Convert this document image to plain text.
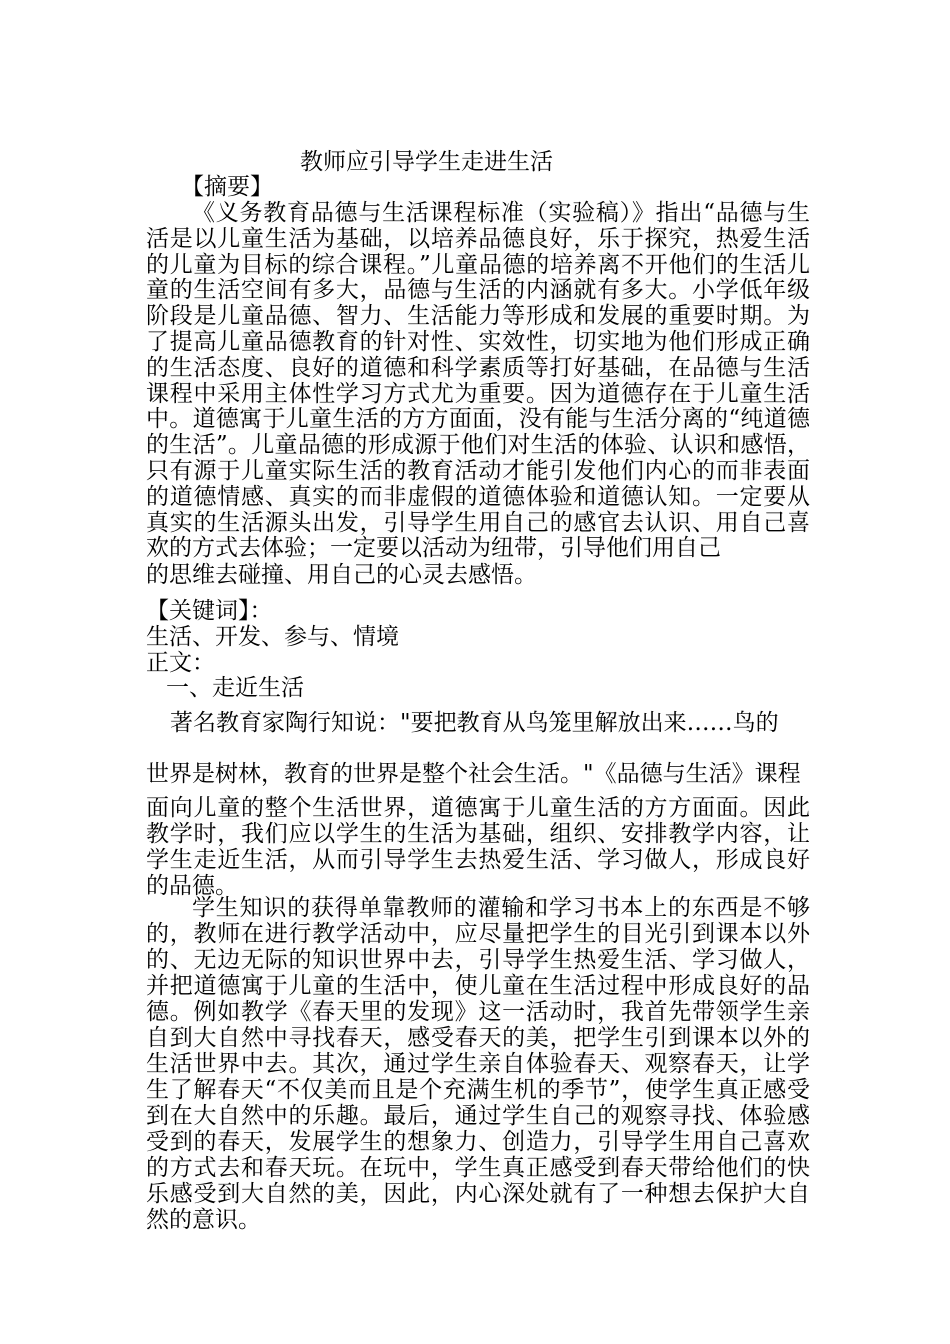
教师应引导学生走进生活
【摘要】

《义务教育品德与生活课程标准（实验稿）》指出“品德与生活是以儿童生活为基础，以培养品德良好，乐于探究，热爱生活的儿童为目标的综合课程。”儿童品德的培养离不开他们的生活儿童的生活空间有多大，品德与生活的内涵就有多大。小学低年级阶段是儿童品德、智力、生活能力等形成和发展的重要时期。为了提高儿童品德教育的针对性、实效性，切实地为他们形成正确的生活态度、良好的道德和科学素质等打好基础，在品德与生活课程中采用主体性学习方式尤为重要。因为道德存在于儿童生活中。道德寓于儿童生活的方方面面，没有能与生活分离的“纯道德的生活”。儿童品德的形成源于他们对生活的体验、认识和感悟，只有源于儿童实际生活的教育活动才能引发他们内心的而非表面的道德情感、真实的而非虚假的道德体验和道德认知。一定要从真实的生活源头出发，引导学生用自己的感官去认识、用自己喜欢的方式去体验；一定要以活动为纽带，引导他们用自己

的思维去碰撞、用自己的心灵去感悟。

【关键词】：
生活、开发、参与、情境
正文：
一、走近生活
著名教育家陶行知说："要把教育从鸟笼里解放出来……鸟的

世界是树林，教育的世界是整个社会生活。"《品德与生活》课程
面向儿童的整个生活世界，道德寓于儿童生活的方方面面。因此教学时，我们应以学生的生活为基础，组织、安排教学内容，让学生走近生活，从而引导学生去热爱生活、学习做人，形成良好的品德。

学生知识的获得单靠教师的灌输和学习书本上的东西是不够的，教师在进行教学活动中，应尽量把学生的目光引到课本以外的、无边无际的知识世界中去，引导学生热爱生活、学习做人，并把道德寓于儿童的生活中，使儿童在生活过程中形成良好的品德。例如教学《春天里的发现》这一活动时，我首先带领学生亲自到大自然中寻找春天，感受春天的美，把学生引到课本以外的生活世界中去。其次，通过学生亲自体验春天、观察春天，让学生了解春天“不仅美而且是个充满生机的季节”，使学生真正感受到在大自然中的乐趣。最后，通过学生自己的观察寻找、体验感受到的春天，发展学生的想象力、创造力，引导学生用自己喜欢的方式去和春天玩。在玩中，学生真正感受到春天带给他们的快乐感受到大自然的美，因此，内心深处就有了一种想去保护大自然的意识。
